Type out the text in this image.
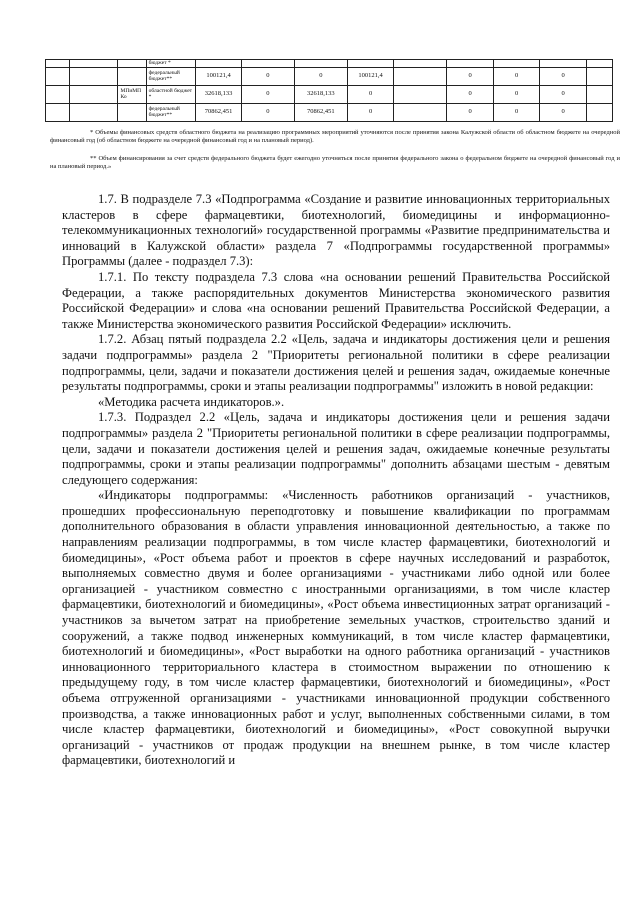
			бюджет *									
			федеральный бюджет**	100121,4	0	0	100121,4		0	0	0	
		МПиМП Ко	областной бюджет *	32618,133	0	32618,133	0		0	0	0	
			федеральный бюджет**	70862,451	0	70862,451	0		0	0	0	

* Объемы финансовых средств областного бюджета на реализацию программных мероприятий уточняются после принятия закона Калужской области об областном бюджете на очередной финансовый год (об областном бюджете на очередной финансовый год и на плановый период).

** Объем финансирования за счет средств федерального бюджета будет ежегодно уточняться после принятия федерального закона о федеральном бюджете на очередной финансовый год и на плановый период.»

1.7. В подразделе 7.3 «Подпрограмма «Создание и развитие инновационных территориальных кластеров в сфере фармацевтики, биотехнологий, биомедицины и информационно-телекоммуникационных технологий» государственной программы «Развитие предпринимательства и инноваций в Калужской области» раздела 7 «Подпрограммы государственной программы» Программы (далее - подраздел 7.3):

1.7.1. По тексту подраздела 7.3 слова «на основании решений Правительства Российской Федерации, а также распорядительных документов Министерства экономического развития Российской Федерации» и слова «на основании решений Правительства Российской Федерации, а также Министерства экономического развития Российской Федерации» исключить.

1.7.2. Абзац пятый подраздела 2.2 «Цель, задача и индикаторы достижения цели и решения задачи подпрограммы» раздела 2 "Приоритеты региональной политики в сфере реализации подпрограммы, цели, задачи и показатели достижения целей и решения задач, ожидаемые конечные результаты подпрограммы, сроки и этапы реализации подпрограммы" изложить в новой редакции:

«Методика расчета индикаторов.».

1.7.3. Подраздел 2.2 «Цель, задача и индикаторы достижения цели и решения задачи подпрограммы» раздела 2 "Приоритеты региональной политики в сфере реализации подпрограммы, цели, задачи и показатели достижения целей и решения задач, ожидаемые конечные результаты подпрограммы, сроки и этапы реализации подпрограммы" дополнить абзацами шестым - девятым следующего содержания:

«Индикаторы подпрограммы: «Численность работников организаций - участников, прошедших профессиональную переподготовку и повышение квалификации по программам дополнительного образования в области управления инновационной деятельностью, а также по направлениям реализации подпрограммы, в том числе кластер фармацевтики, биотехнологий и биомедицины», «Рост объема работ и проектов в сфере научных исследований и разработок, выполняемых совместно двумя и более организациями - участниками либо одной или более организацией - участником совместно с иностранными организациями, в том числе кластер фармацевтики, биотехнологий и биомедицины», «Рост объема инвестиционных затрат организаций - участников за вычетом затрат на приобретение земельных участков, строительство зданий и сооружений, а также подвод инженерных коммуникаций, в том числе кластер фармацевтики, биотехнологий и биомедицины», «Рост выработки на одного работника организаций - участников инновационного территориального кластера в стоимостном выражении по отношению к предыдущему году, в том числе кластер фармацевтики, биотехнологий и биомедицины», «Рост объема отгруженной организациями - участниками инновационной продукции собственного производства, а также инновационных работ и услуг, выполненных собственными силами, в том числе кластер фармацевтики, биотехнологий и биомедицины», «Рост совокупной выручки организаций - участников от продаж продукции на внешнем рынке, в том числе кластер фармацевтики, биотехнологий и
